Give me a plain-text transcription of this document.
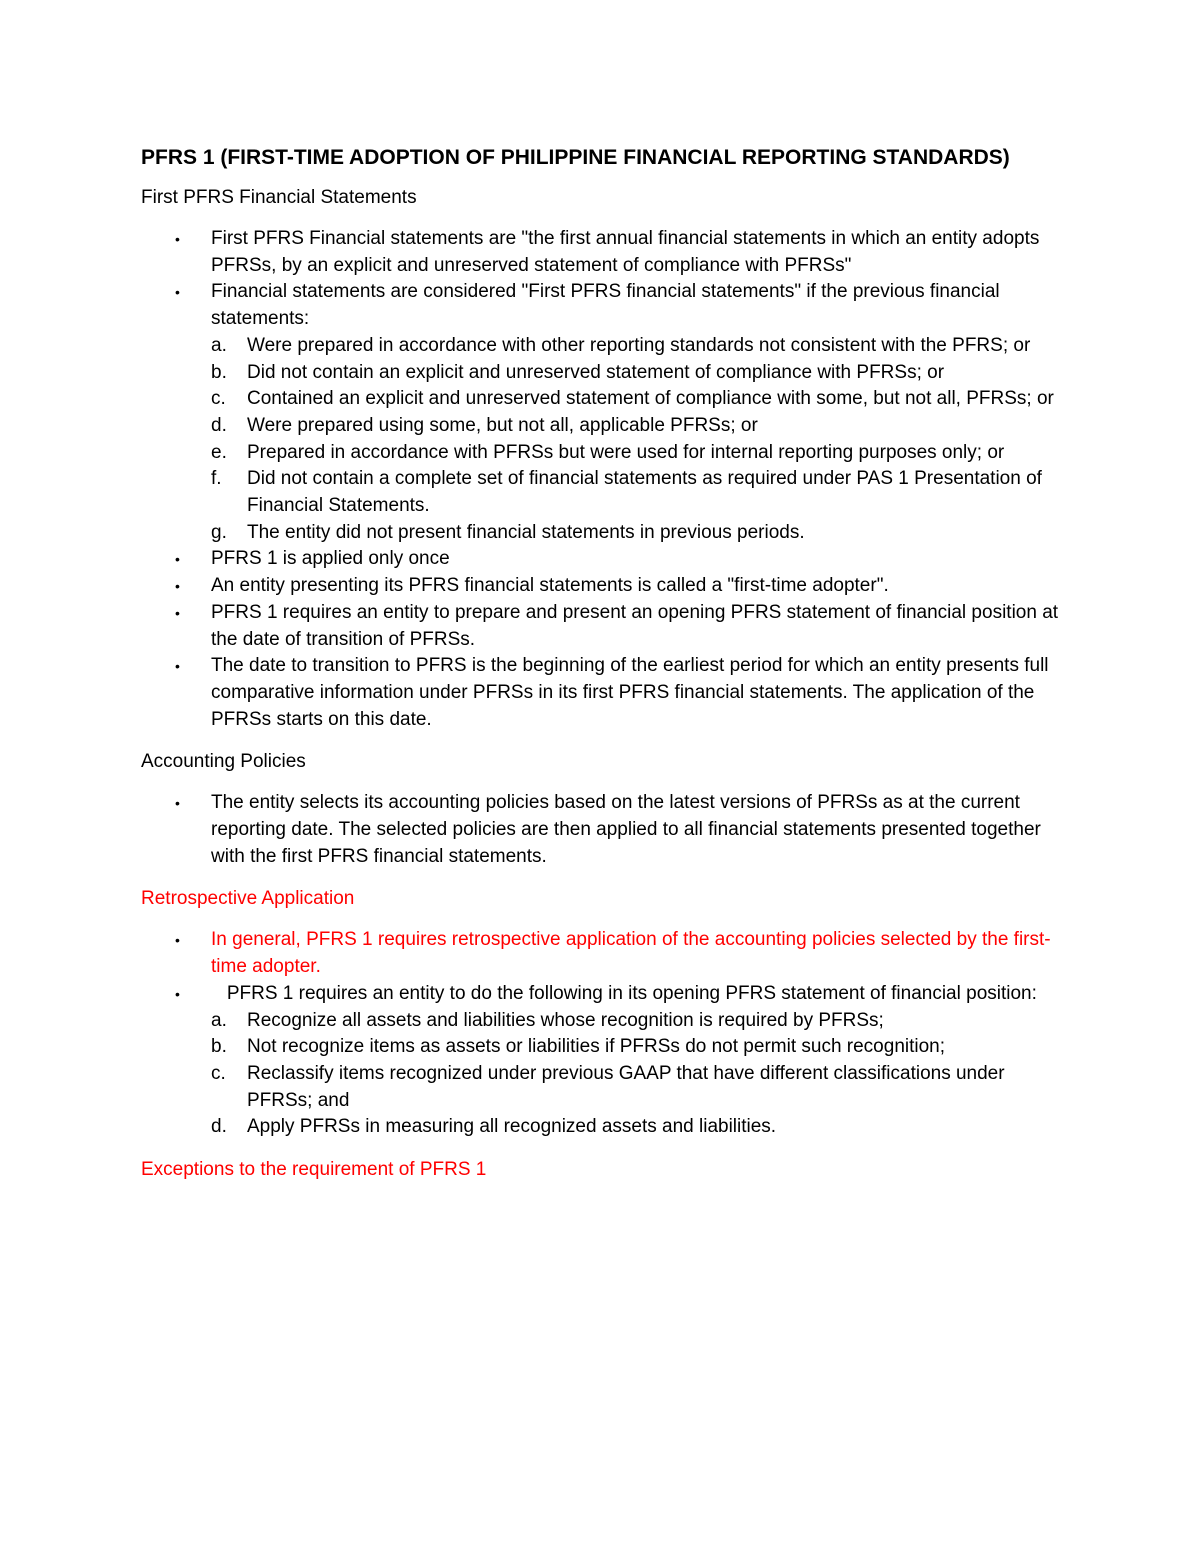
PFRS 1 (FIRST-TIME ADOPTION OF PHILIPPINE FINANCIAL REPORTING STANDARDS)
First PFRS Financial Statements
• First PFRS Financial statements are "the first annual financial statements in which an entity adopts PFRSs, by an explicit and unreserved statement of compliance with PFRSs"
• Financial statements are considered "First PFRS financial statements" if the previous financial statements:
a. Were prepared in accordance with other reporting standards not consistent with the PFRS; or
b. Did not contain an explicit and unreserved statement of compliance with PFRSs; or
c. Contained an explicit and unreserved statement of compliance with some, but not all, PFRSs; or
d. Were prepared using some, but not all, applicable PFRSs; or
e. Prepared in accordance with PFRSs but were used for internal reporting purposes only; or
f. Did not contain a complete set of financial statements as required under PAS 1 Presentation of Financial Statements.
g. The entity did not present financial statements in previous periods.
• PFRS 1 is applied only once
• An entity presenting its PFRS financial statements is called a "first-time adopter".
• PFRS 1 requires an entity to prepare and present an opening PFRS statement of financial position at the date of transition of PFRSs.
• The date to transition to PFRS is the beginning of the earliest period for which an entity presents full comparative information under PFRSs in its first PFRS financial statements. The application of the PFRSs starts on this date.
Accounting Policies
• The entity selects its accounting policies based on the latest versions of PFRSs as at the current reporting date. The selected policies are then applied to all financial statements presented together with the first PFRS financial statements.
Retrospective Application
• In general, PFRS 1 requires retrospective application of the accounting policies selected by the first-time adopter.
• PFRS 1 requires an entity to do the following in its opening PFRS statement of financial position:
a. Recognize all assets and liabilities whose recognition is required by PFRSs;
b. Not recognize items as assets or liabilities if PFRSs do not permit such recognition;
c. Reclassify items recognized under previous GAAP that have different classifications under PFRSs; and
d. Apply PFRSs in measuring all recognized assets and liabilities.
Exceptions to the requirement of PFRS 1
